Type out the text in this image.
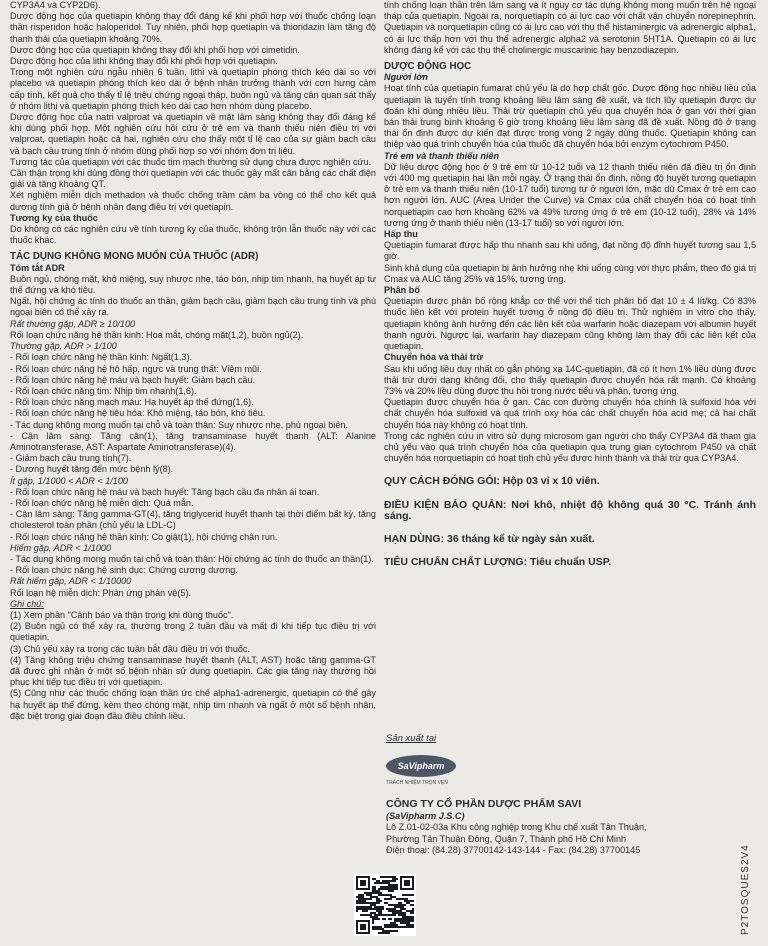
CYP3A4 và CYP2D6).

Dược động học của quetiapin không thay đổi đáng kể khi phối hợp với thuốc chống loạn thần risperidon hoặc haloperidol. Tuy nhiên, phối hợp quetiapin và thioridazin làm tăng độ thanh thải của quetiapin khoảng 70%.

Dược động học của quetiapin không thay đổi khi phối hợp với cimetidin.

Dược động học của lithi không thay đổi khi phối hợp với quetiapin.

Trong một nghiên cứu ngẫu nhiên 6 tuần, lithi và quetiapin phóng thích kéo dài so với placebo và quetiapin phóng thích kéo dài ở bệnh nhân trưởng thành với cơn hưng cảm cấp tính, kết quả cho thấy tỉ lệ triệu chứng ngoại tháp, buồn ngủ và tăng cân quan sát thấy ở nhóm lithi và quetiapin phóng thích kéo dài cao hơn nhóm dùng placebo.

Dược động học của natri valproat và quetiapin về mặt lâm sàng không thay đổi đáng kể khi dùng phối hợp. Một nghiên cứu hồi cứu ở trẻ em và thanh thiếu niên điều trị với valproat, quetiapin hoặc cả hai, nghiên cứu cho thấy một tỉ lệ cao của sự giảm bạch cầu và bạch cầu trung tính ở nhóm dùng phối hợp so với nhóm đơn trị liệu.

Tương tác của quetiapin với các thuốc tim mạch thường sử dụng chưa được nghiên cứu.

Cần thận trọng khi dùng đồng thời quetiapin với các thuốc gây mất cân bằng các chất điện giải và tăng khoảng QT.

Xét nghiệm miễn dịch methadon và thuốc chống trầm cảm ba vòng có thể cho kết quả dương tính giả ở bệnh nhân đang điều trị với quetiapin.

Tương kỵ của thuốc

Do không có các nghiên cứu về tính tương kỵ của thuốc, không trộn lẫn thuốc này với các thuốc khác.

TÁC DỤNG KHÔNG MONG MUỐN CỦA THUỐC (ADR)

Tóm tắt ADR

Buồn ngủ, chóng mặt, khô miệng, suy nhược nhẹ, táo bón, nhịp tim nhanh, hạ huyết áp tư thế đứng và khó tiêu.

Ngất, hội chứng ác tính do thuốc an thần, giảm bạch cầu, giảm bạch cầu trung tính và phù ngoại biên có thể xảy ra.

Rất thường gặp, ADR ≥ 10/100

Rối loạn chức năng hệ thần kinh: Hoa mắt, chóng mặt(1,2), buồn ngủ(2).

Thường gặp, ADR > 1/100

- Rối loạn chức năng hệ thần kinh: Ngất(1,3).

- Rối loạn chức năng hệ hô hấp, ngực và trung thất: Viêm mũi.

- Rối loạn chức năng hệ máu và bạch huyết: Giảm bạch cầu.

- Rối loạn chức năng tim: Nhịp tim nhanh(1,6).

- Rối loạn chức năng mạch máu: Hạ huyết áp thế đứng(1,6).

- Rối loạn chức năng hệ tiêu hóa: Khô miệng, táo bón, khó tiêu.

- Tác dụng không mong muốn tại chỗ và toàn thân: Suy nhược nhẹ, phù ngoại biên.

- Cận lâm sàng: Tăng cân(1), tăng transaminase huyết thanh (ALT: Alanine Aminotransferase, AST: Aspartate Aminotransferase)(4).

- Giảm bạch cầu trung tính(7).

- Dương huyết tăng đến mức bệnh lý(8).

Ít gặp, 1/1000 < ADR < 1/100

- Rối loạn chức năng hệ máu và bạch huyết: Tăng bạch cầu đa nhân ái toan.

- Rối loạn chức năng hệ miễn dịch: Quá mẫn.

- Cận lâm sàng: Tăng gamma-GT(4), tăng triglycerid huyết thanh tại thời điểm bất kỳ, tăng cholesterol toàn phần (chủ yếu là LDL-C)

- Rối loạn chức năng hệ thần kinh: Co giật(1), hội chứng chân run.

Hiếm gặp, ADR < 1/1000

- Tác dụng không mong muốn tại chỗ và toàn thân: Hội chứng ác tính do thuốc an thần(1).

- Rối loạn chức năng hệ sinh dục: Chứng cương dương.

Rất hiếm gặp, ADR < 1/10000

Rối loạn hệ miễn dịch: Phản ứng phản vệ(5).

Ghi chú:

(1) Xem phần "Cảnh báo và thận trọng khi dùng thuốc".

(2) Buồn ngủ có thể xảy ra, thường trong 2 tuần đầu và mất đi khi tiếp tục điều trị với quetiapin.

(3) Chủ yếu xảy ra trong các tuần bắt đầu điều trị với thuốc.

(4) Tăng không triệu chứng transaminase huyết thanh (ALT, AST) hoặc tăng gamma-GT đã được ghi nhận ở một số bệnh nhân sử dụng quetiapin. Các gia tăng này thường hồi phục khi tiếp tục điều trị với quetiapin.

(5) Cũng như các thuốc chống loạn thần ức chế alpha1-adrenergic, quetiapin có thể gây hạ huyết áp thế đứng, kèm theo chóng mặt, nhịp tim nhanh và ngất ở một số bệnh nhân, đặc biệt trong giai đoạn đầu điều chỉnh liều.

tính chống loạn thần trên lâm sàng và ít nguy cơ tác dụng không mong muốn trên hệ ngoại tháp của quetiapin. Ngoài ra, norquetiapin có ái lực cao với chất vận chuyển norepinephrin. Quetiapin và norquetiapin cũng có ái lực cao với thụ thể histaminergic và adrenergic alpha1, có ái lực thấp hơn với thụ thể adrenergic alpha2 và serotonin 5HT1A. Quetiapin có ái lực không đáng kể với các thụ thể cholinergic muscarinic hay benzodiazepin.

DƯỢC ĐỘNG HỌC

Người lớn

Hoạt tính của quetiapin fumarat chủ yếu là do hợp chất gốc. Dược động học nhiều liều của quetiapin là tuyến tính trong khoảng liều lâm sàng đề xuất, và tích lũy quetiapin được dự đoán khi dùng nhiều liều. Thải trừ quetiapin chủ yếu qua chuyển hóa ở gan với thời gian bán thải trung bình khoảng 6 giờ trong khoảng liều lâm sàng đã đề xuất. Nồng độ ở trạng thái ổn định được dự kiến đạt được trong vòng 2 ngày dùng thuốc. Quetiapin không can thiệp vào quá trình chuyển hóa của thuốc đã chuyển hóa bởi enzym cytochrom P450.

Trẻ em và thanh thiếu niên

Dữ liệu dược động học ở 9 trẻ em từ 10-12 tuổi và 12 thanh thiếu niên đã điều trị ổn định với 400 mg quetiapin hai lần mỗi ngày. Ở trạng thái ổn định, nồng độ huyết tương quetiapin ở trẻ em và thanh thiếu niên (10-17 tuổi) tương tự ở người lớn, mặc dù Cmax ở trẻ em cao hơn người lớn. AUC (Area Under the Curve) và Cmax của chất chuyển hóa có hoạt tính norquetiapin cao hơn khoảng 62% và 49% tương ứng ở trẻ em (10-12 tuổi), 28% và 14% tương ứng ở thanh thiếu niên (13-17 tuổi) so với người lớn.

Hấp thu

Quetiapin fumarat được hấp thu nhanh sau khi uống, đạt nồng độ đỉnh huyết tương sau 1,5 giờ.

Sinh khả dụng của quetiapin bị ảnh hưởng nhẹ khi uống cùng với thực phẩm, theo đó giá trị Cmax và AUC tăng 25% và 15%, tương ứng.

Phân bố

Quetiapin được phân bố rộng khắp cơ thể với thể tích phân bố đạt 10 ± 4 lít/kg. Có 83% thuốc liên kết với protein huyết tương ở nồng độ điều trị. Thử nghiệm in vitro cho thấy, quetiapin không ảnh hưởng đến các liên kết của warfarin hoặc diazepam với albumin huyết thanh người. Ngược lại, warfarin hay diazepam cũng không làm thay đổi các liên kết của quetiapin.

Chuyển hóa và thải trừ

Sau khi uống liều duy nhất có gắn phóng xạ 14C-quetiapin, đã có ít hơn 1% liều dùng được thải trừ dưới dạng không đổi, cho thấy quetiapin được chuyển hóa rất mạnh. Có khoảng 73% và 20% liều dùng được thu hồi trong nước tiểu và phân, tương ứng.

Quetiapin được chuyển hóa ở gan. Các con đường chuyển hóa chính là sulfoxid hóa với chất chuyển hóa sulfoxid và quá trình oxy hóa các chất chuyển hóa acid mẹ; cả hai chất chuyển hóa này không có hoạt tính.

Trong các nghiên cứu in vitro sử dụng microsom gan người cho thấy CYP3A4 đã tham gia chủ yếu vào quá trình chuyển hóa của quetiapin qua trung gian cytochrom P450 và chất chuyển hóa norquetiapin có hoạt tính chủ yếu được hình thành và thải trừ qua CYP3A4.

QUY CÁCH ĐÓNG GÓI: Hộp 03 vỉ x 10 viên.

ĐIỀU KIỆN BẢO QUẢN: Nơi khô, nhiệt độ không quá 30 °C. Tránh ánh sáng.

HẠN DÙNG: 36 tháng kể từ ngày sản xuất.

TIÊU CHUẨN CHẤT LƯỢNG: Tiêu chuẩn USP.

Sản xuất tại
SaVipharm
TRÁCH NHIỆM TRỌN VẸN
CÔNG TY CỔ PHẦN DƯỢC PHẨM SAVI
(SaVipharm J.S.C)
Lô Z.01-02-03a Khu công nghiệp trong Khu chế xuất Tân Thuận,
Phường Tân Thuận Đông, Quận 7, Thành phố Hồ Chí Minh
Điện thoại: (84.28) 37700142-143-144 - Fax: (84.28) 37700145	P2TOSQUES2V4
